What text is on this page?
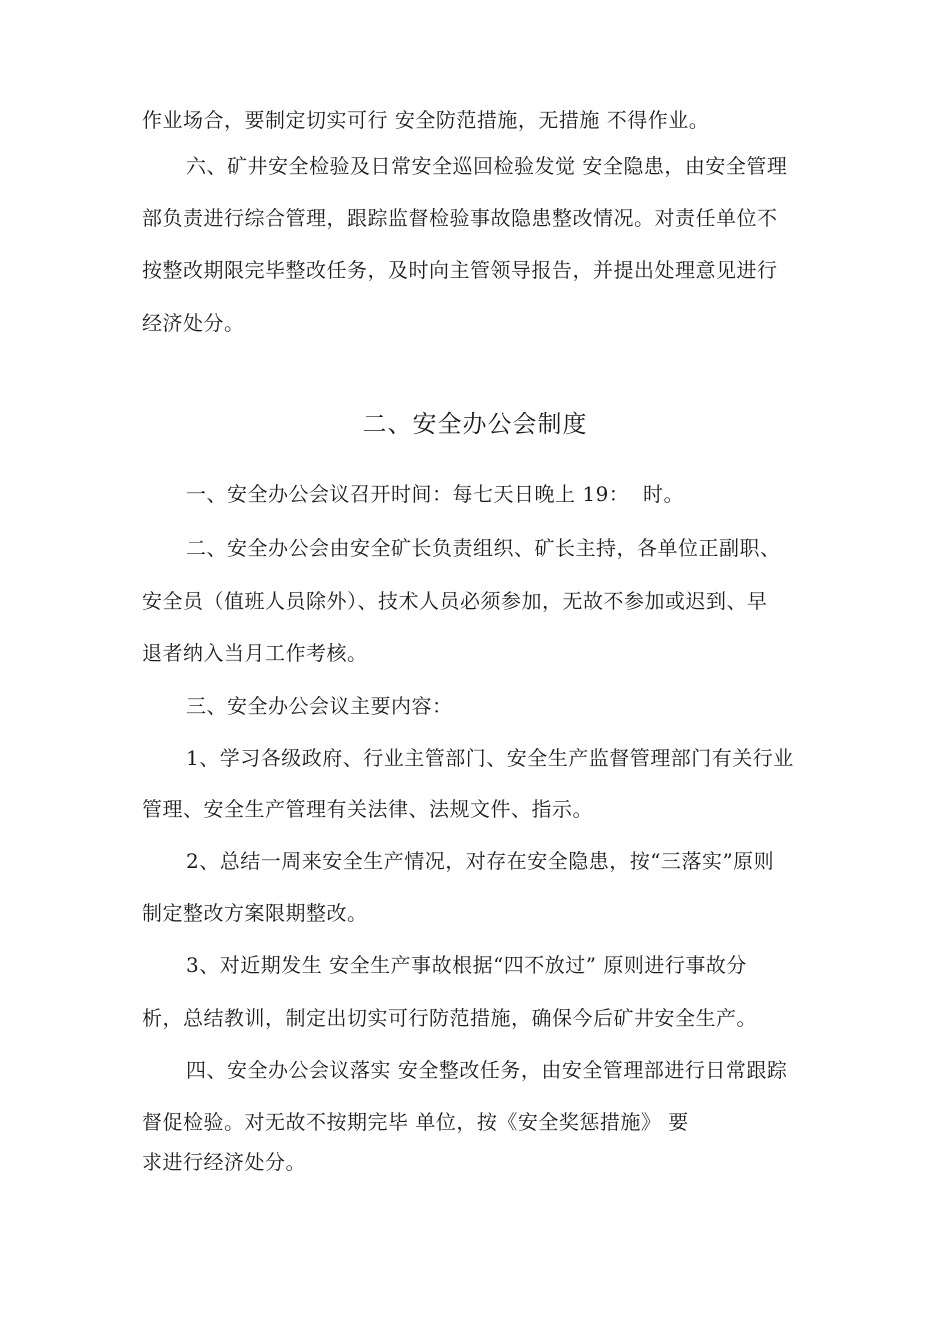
作业场合，要制定切实可行 安全防范措施，无措施 不得作业。
六、矿井安全检验及日常安全巡回检验发觉 安全隐患，由安全管理
部负责进行综合管理，跟踪监督检验事故隐患整改情况。对责任单位不
按整改期限完毕整改任务，及时向主管领导报告，并提出处理意见进行
经济处分。
二、安全办公会制度
一、安全办公会议召开时间：每七天日晚上 19：  时。
二、安全办公会由安全矿长负责组织、矿长主持，各单位正副职、
安全员（值班人员除外）、技术人员必须参加，无故不参加或迟到、早
退者纳入当月工作考核。
三、安全办公会议主要内容：
1、学习各级政府、行业主管部门、安全生产监督管理部门有关行业
管理、安全生产管理有关法律、法规文件、指示。
2、总结一周来安全生产情况，对存在安全隐患，按“三落实”原则
制定整改方案限期整改。
3、对近期发生 安全生产事故根据“四不放过” 原则进行事故分
析，总结教训，制定出切实可行防范措施，确保今后矿井安全生产。
四、安全办公会议落实 安全整改任务，由安全管理部进行日常跟踪
督促检验。对无故不按期完毕 单位，按《安全奖惩措施》 要
求进行经济处分。
